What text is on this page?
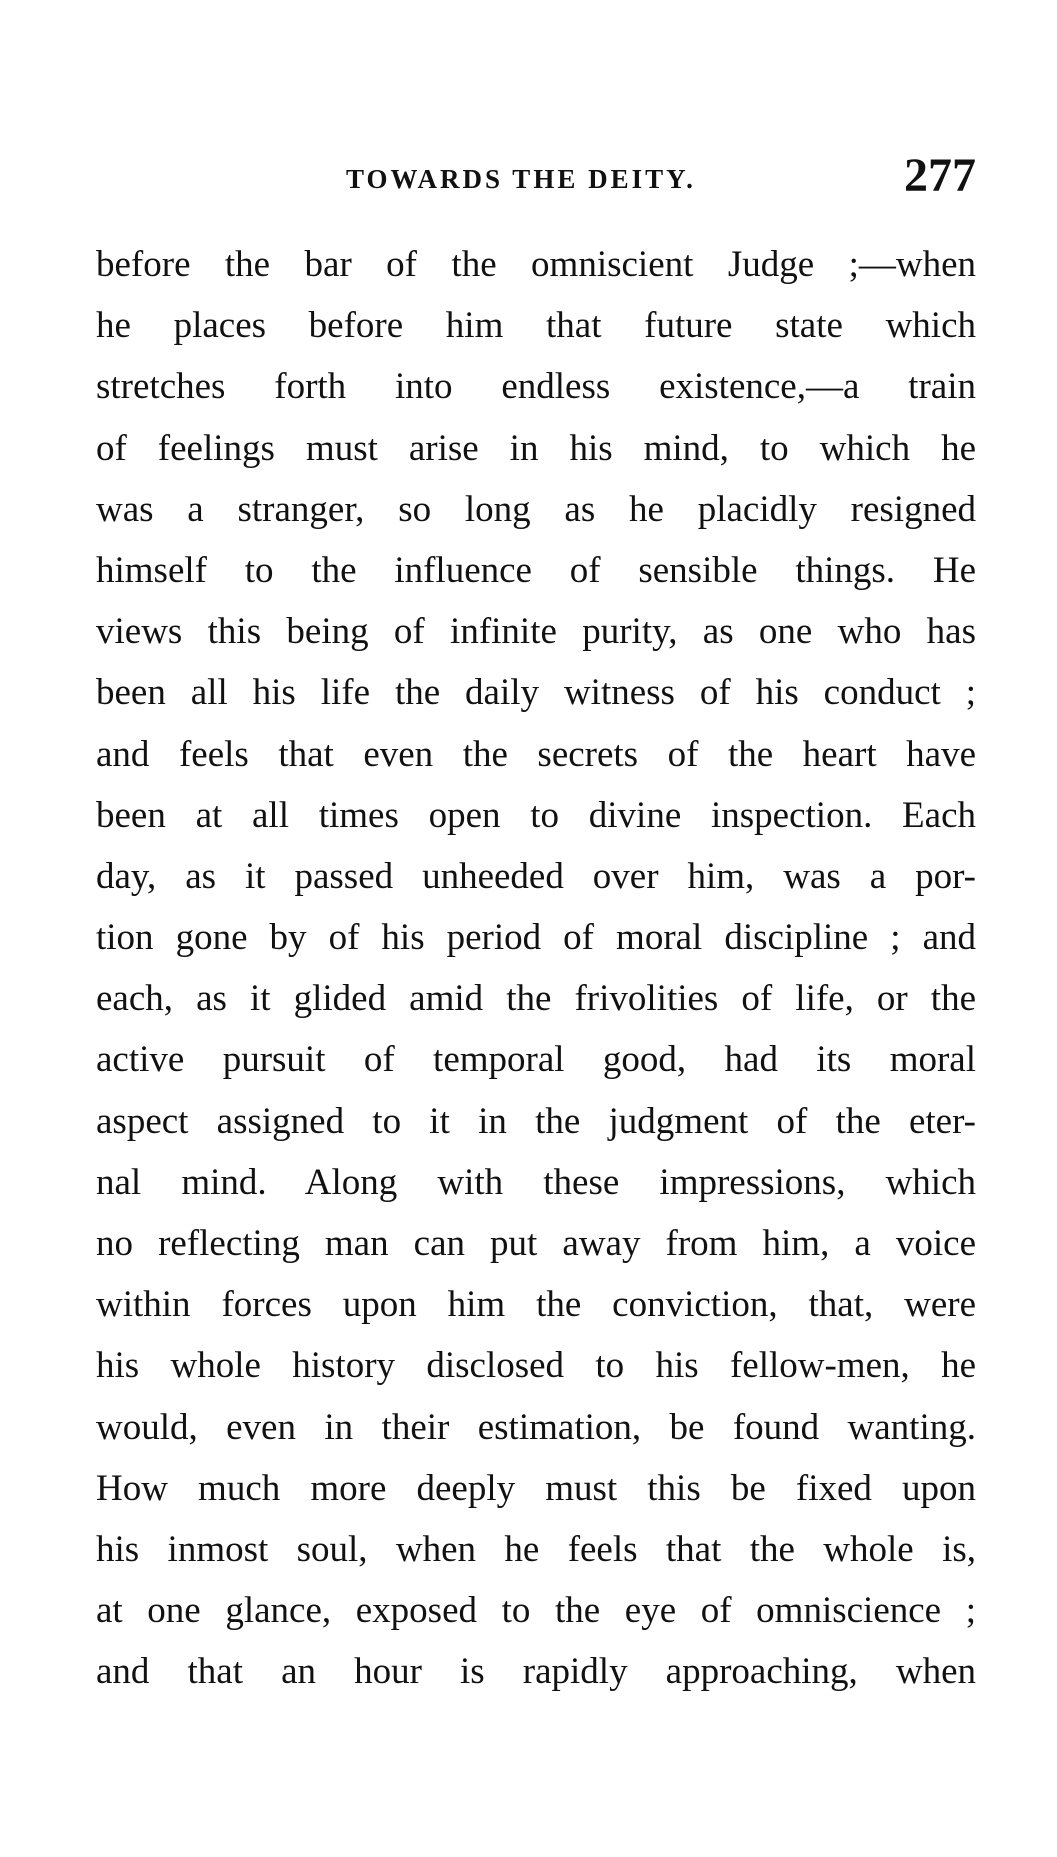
TOWARDS THE DEITY.	277
before the bar of the omniscient Judge ;—when
he places before him that future state which
stretches forth into endless existence,—a train
of feelings must arise in his mind, to which he
was a stranger, so long as he placidly resigned
himself to the influence of sensible things. He
views this being of infinite purity, as one who has
been all his life the daily witness of his conduct ;
and feels that even the secrets of the heart have
been at all times open to divine inspection. Each
day, as it passed unheeded over him, was a por-
tion gone by of his period of moral discipline ; and
each, as it glided amid the frivolities of life, or the
active pursuit of temporal good, had its moral
aspect assigned to it in the judgment of the eter-
nal mind. Along with these impressions, which
no reflecting man can put away from him, a voice
within forces upon him the conviction, that, were
his whole history disclosed to his fellow-men, he
would, even in their estimation, be found wanting.
How much more deeply must this be fixed upon
his inmost soul, when he feels that the whole is,
at one glance, exposed to the eye of omniscience ;
and that an hour is rapidly approaching, when
